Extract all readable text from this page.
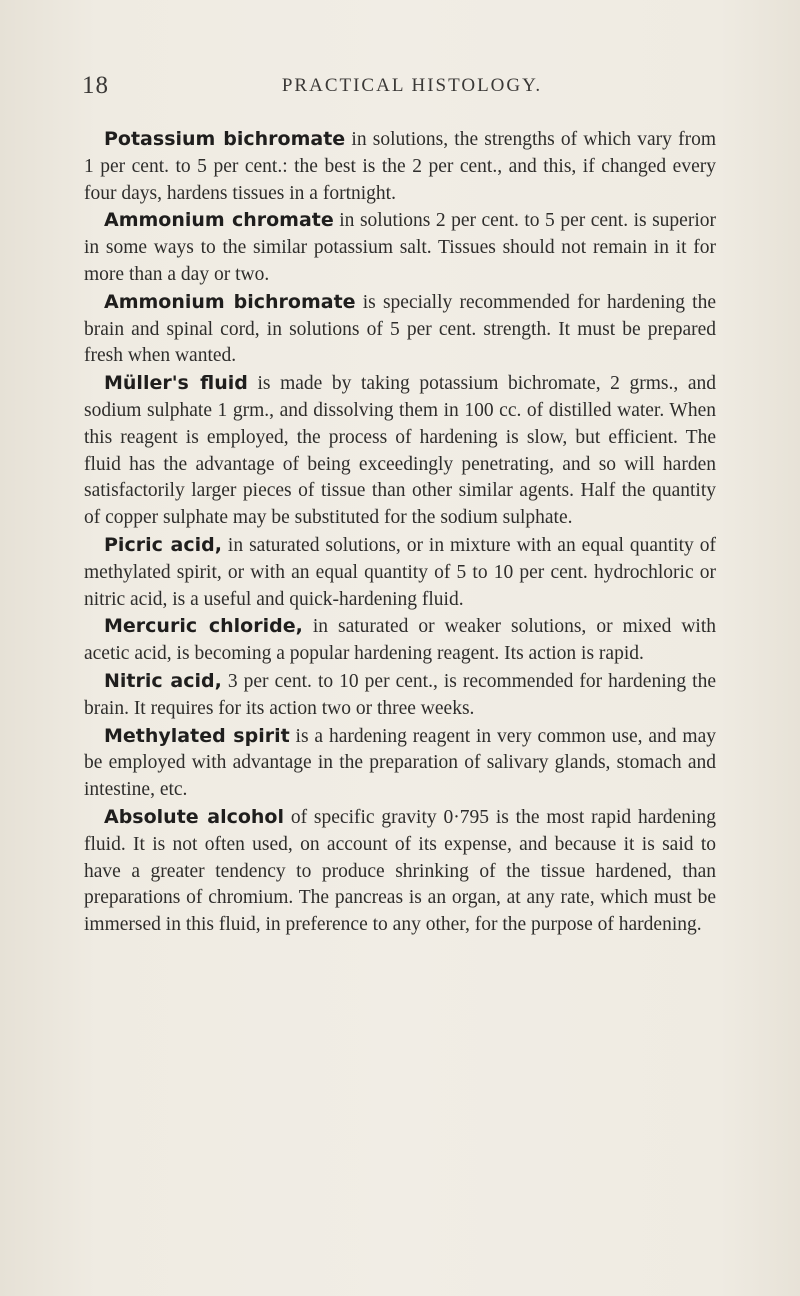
18	PRACTICAL HISTOLOGY.

Potassium bichromate in solutions, the strengths of which vary from 1 per cent. to 5 per cent.: the best is the 2 per cent., and this, if changed every four days, hardens tissues in a fortnight.

Ammonium chromate in solutions 2 per cent. to 5 per cent. is superior in some ways to the similar potassium salt. Tissues should not remain in it for more than a day or two.

Ammonium bichromate is specially recommended for hardening the brain and spinal cord, in solutions of 5 per cent. strength. It must be prepared fresh when wanted.

Müller's fluid is made by taking potassium bichromate, 2 grms., and sodium sulphate 1 grm., and dissolving them in 100 cc. of distilled water. When this reagent is employed, the process of hardening is slow, but efficient. The fluid has the advantage of being exceedingly penetrating, and so will harden satisfactorily larger pieces of tissue than other similar agents. Half the quantity of copper sulphate may be substituted for the sodium sulphate.

Picric acid, in saturated solutions, or in mixture with an equal quantity of methylated spirit, or with an equal quantity of 5 to 10 per cent. hydrochloric or nitric acid, is a useful and quick-hardening fluid.

Mercuric chloride, in saturated or weaker solutions, or mixed with acetic acid, is becoming a popular hardening reagent. Its action is rapid.

Nitric acid, 3 per cent. to 10 per cent., is recommended for hardening the brain. It requires for its action two or three weeks.

Methylated spirit is a hardening reagent in very common use, and may be employed with advantage in the preparation of salivary glands, stomach and intestine, etc.

Absolute alcohol of specific gravity 0·795 is the most rapid hardening fluid. It is not often used, on account of its expense, and because it is said to have a greater tendency to produce shrinking of the tissue hardened, than preparations of chromium. The pancreas is an organ, at any rate, which must be immersed in this fluid, in preference to any other, for the purpose of hardening.
